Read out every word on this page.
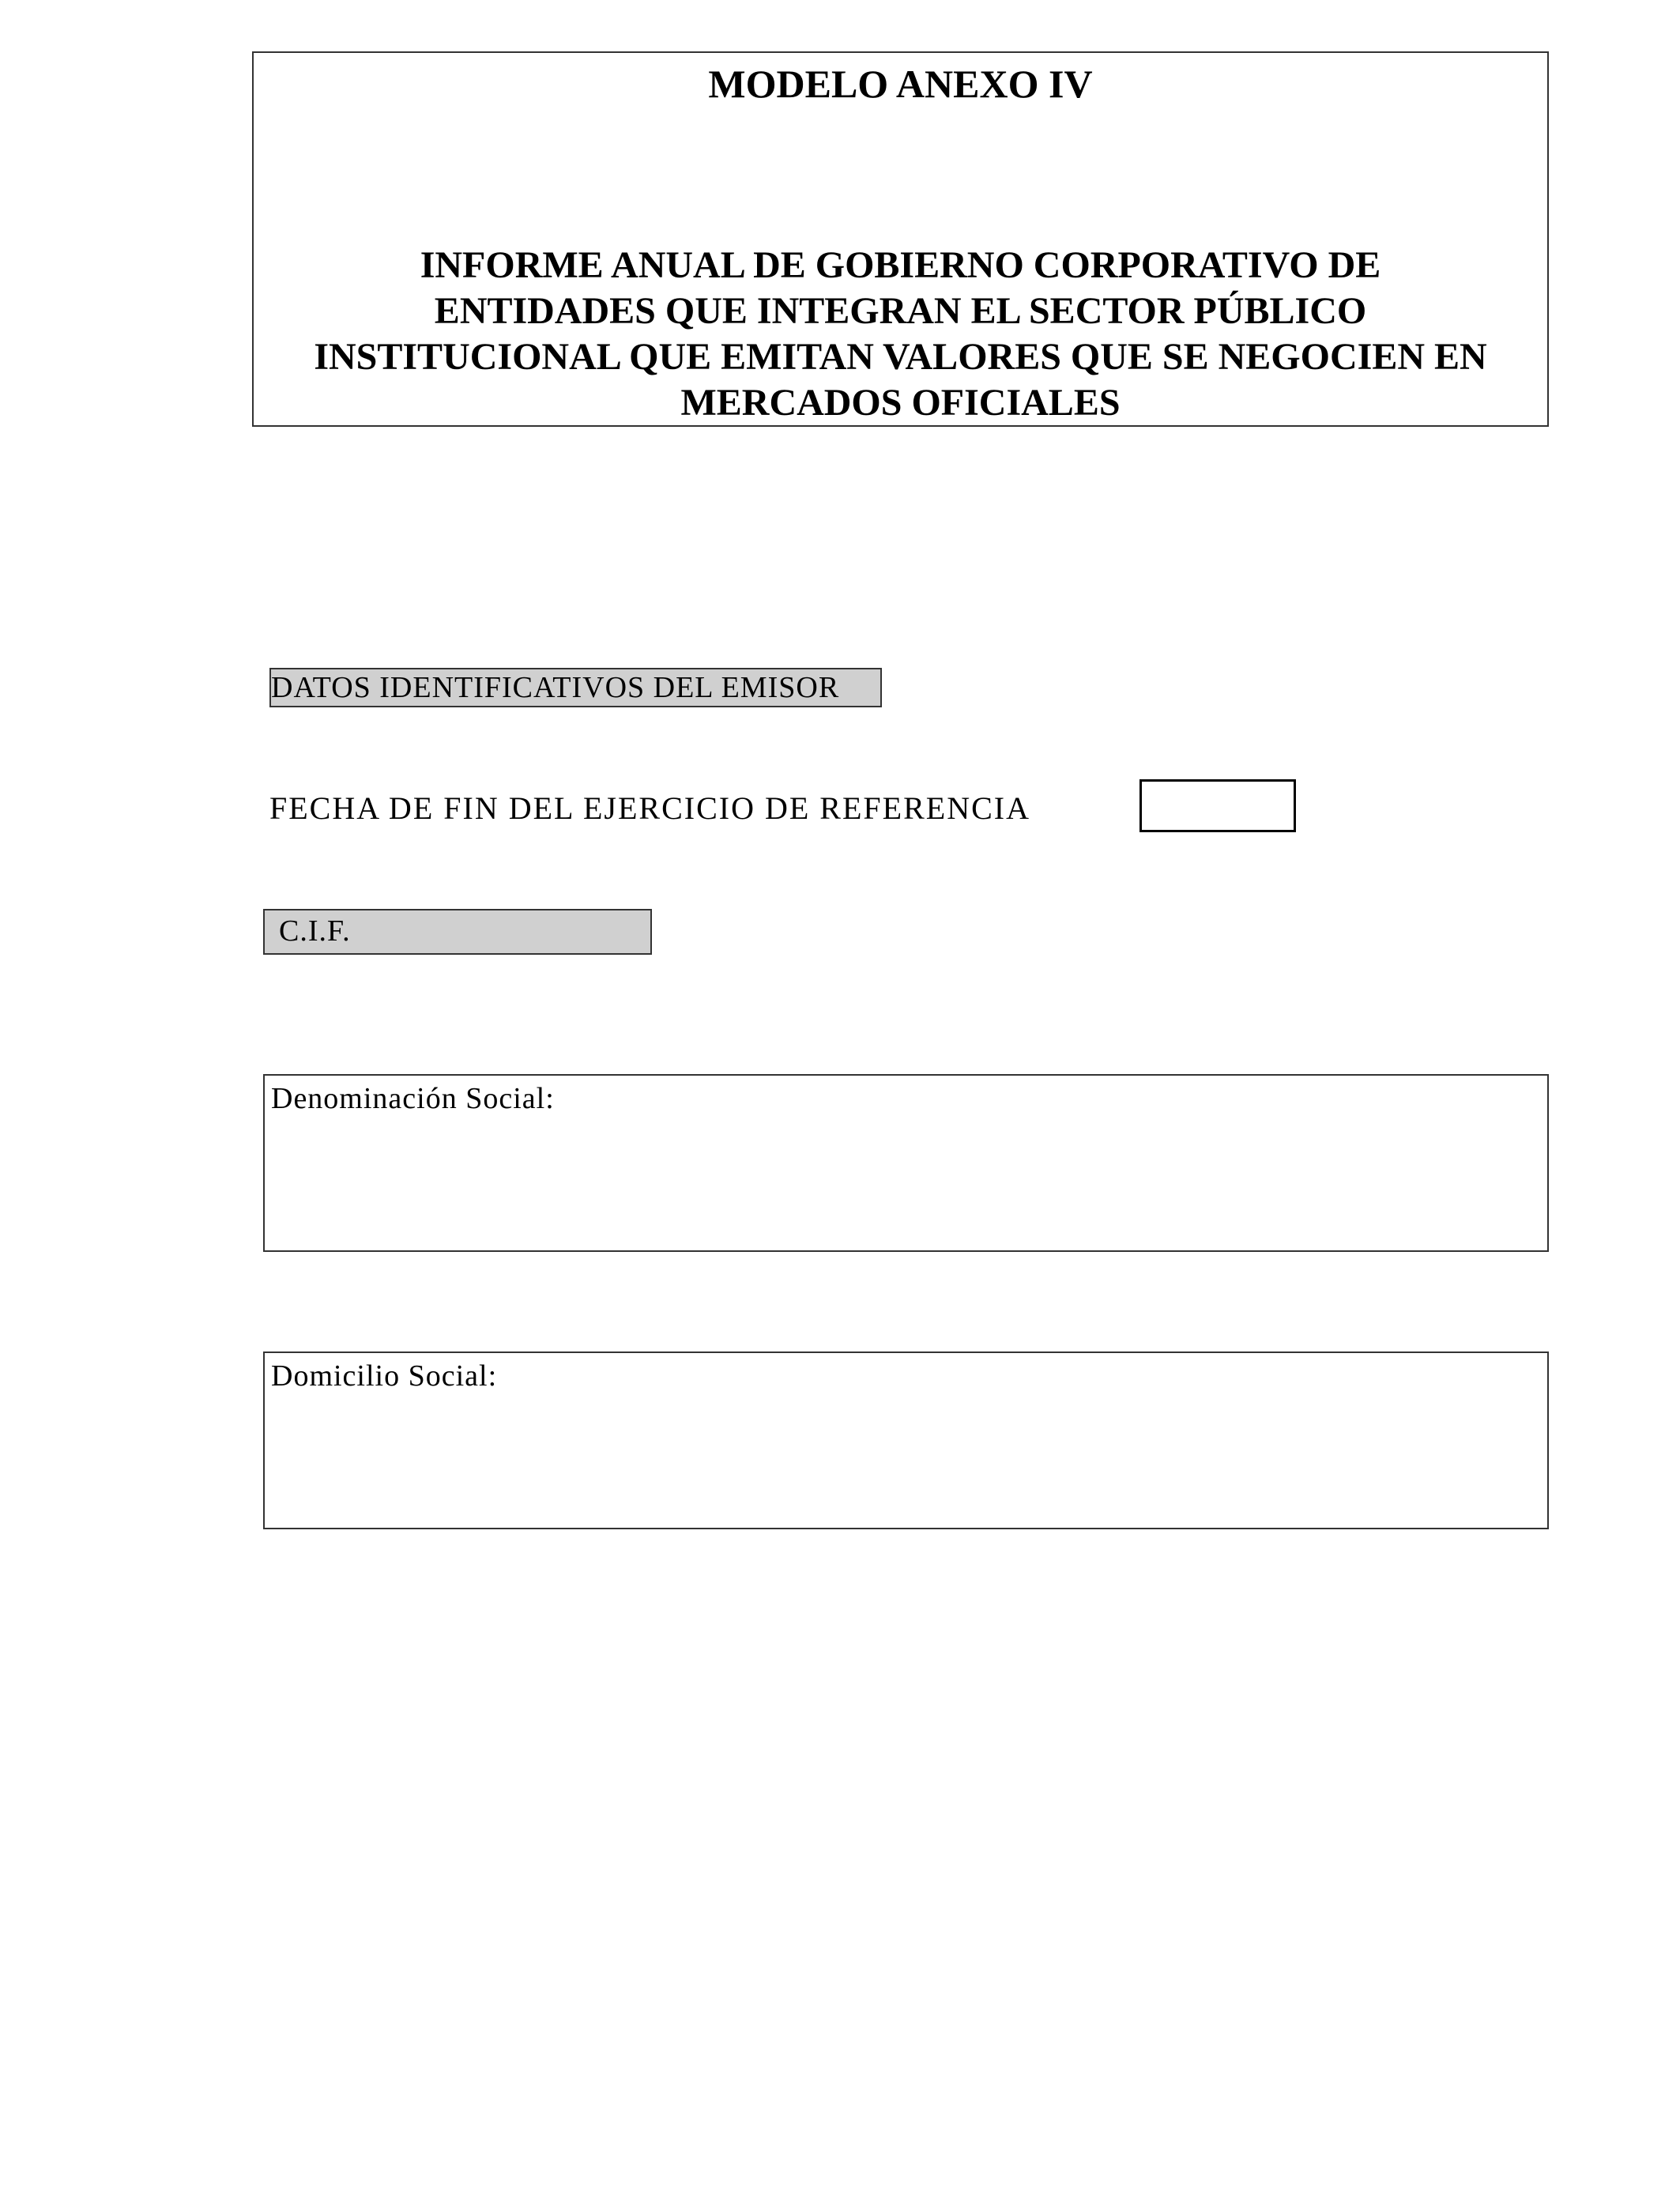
MODELO ANEXO IV
INFORME ANUAL DE GOBIERNO CORPORATIVO DE
ENTIDADES QUE INTEGRAN EL SECTOR PÚBLICO
INSTITUCIONAL QUE EMITAN VALORES QUE SE NEGOCIEN EN
MERCADOS OFICIALES
DATOS IDENTIFICATIVOS DEL EMISOR
FECHA DE FIN DEL EJERCICIO DE REFERENCIA
C.I.F.
Denominación Social:
Domicilio Social:
